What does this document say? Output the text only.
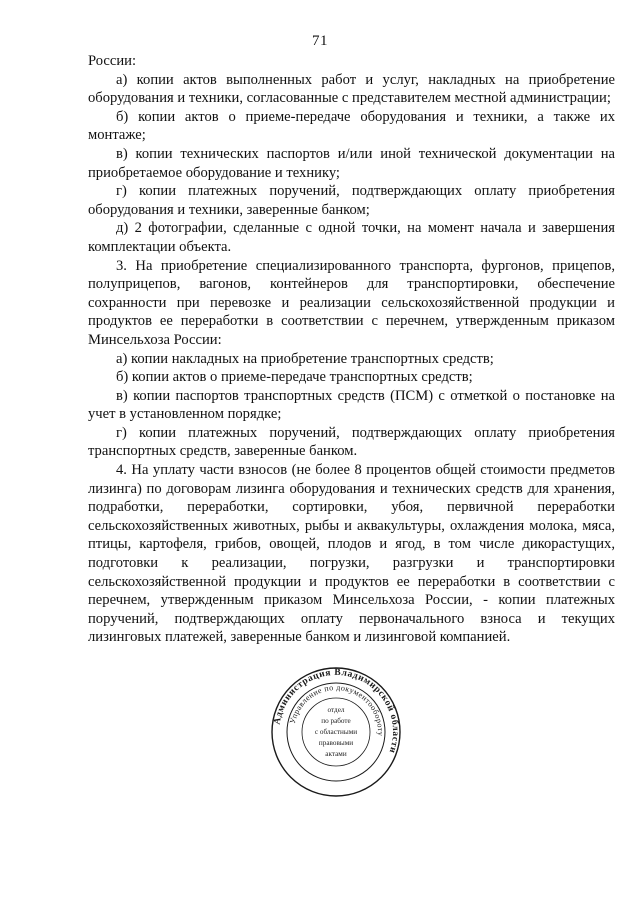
71

России:

а) копии актов выполненных работ и услуг, накладных на приобретение оборудования и техники, согласованные с представителем местной администрации;

б) копии актов о приеме-передаче оборудования и техники, а также их монтаже;

в) копии технических паспортов и/или иной технической документации на приобретаемое оборудование и технику;

г) копии платежных поручений, подтверждающих оплату приобретения оборудования и техники, заверенные банком;

д) 2 фотографии, сделанные с одной точки, на момент начала и завершения комплектации объекта.

3. На приобретение специализированного транспорта, фургонов, прицепов, полуприцепов, вагонов, контейнеров для транспортировки, обеспечение сохранности при перевозке и реализации сельскохозяйственной продукции и продуктов ее переработки в соответствии с перечнем, утвержденным приказом Минсельхоза России:

а) копии накладных на приобретение транспортных средств;

б) копии актов о приеме-передаче транспортных средств;

в) копии паспортов транспортных средств (ПСМ) с отметкой о постановке на учет в установленном порядке;

г) копии платежных поручений, подтверждающих оплату приобретения транспортных средств, заверенные банком.

4. На уплату части взносов (не более 8 процентов общей стоимости предметов лизинга) по договорам лизинга оборудования и технических средств для хранения, подработки, переработки, сортировки, убоя, первичной переработки сельскохозяйственных животных, рыбы и аквакультуры, охлаждения молока, мяса, птицы, картофеля, грибов, овощей, плодов и ягод, в том числе дикорастущих, подготовки к реализации, погрузки, разгрузки и транспортировки сельскохозяйственной продукции и продуктов ее переработки в соответствии с перечнем, утвержденным приказом Минсельхоза России, - копии платежных поручений, подтверждающих оплату первоначального взноса и текущих лизинговых платежей, заверенные банком и лизинговой компанией.

Администрация Владимирской области
Управление по документообороту
отдел
по работе
с областными
правовыми
актами
